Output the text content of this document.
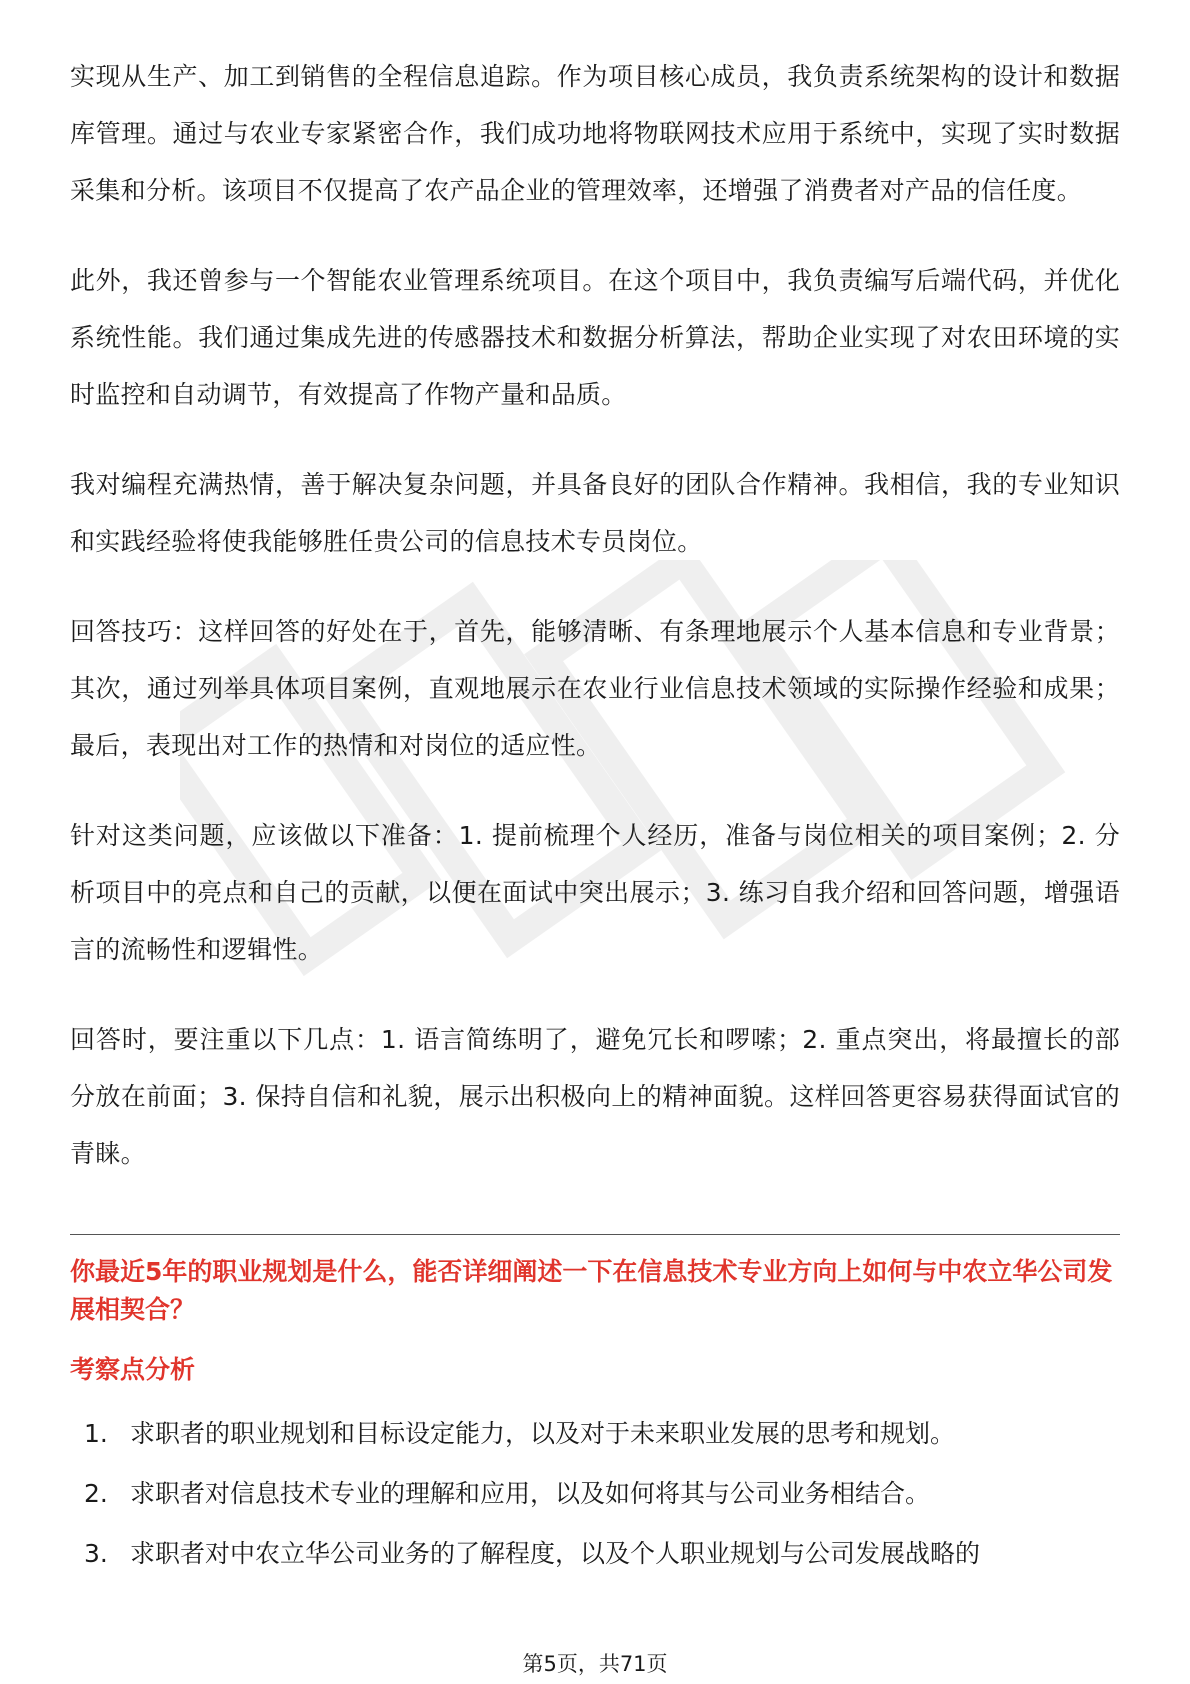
实现从生产、加工到销售的全程信息追踪。作为项目核心成员，我负责系统架构的设计和数据库管理。通过与农业专家紧密合作，我们成功地将物联网技术应用于系统中，实现了实时数据采集和分析。该项目不仅提高了农产品企业的管理效率，还增强了消费者对产品的信任度。

此外，我还曾参与一个智能农业管理系统项目。在这个项目中，我负责编写后端代码，并优化系统性能。我们通过集成先进的传感器技术和数据分析算法，帮助企业实现了对农田环境的实时监控和自动调节，有效提高了作物产量和品质。

我对编程充满热情，善于解决复杂问题，并具备良好的团队合作精神。我相信，我的专业知识和实践经验将使我能够胜任贵公司的信息技术专员岗位。

回答技巧：这样回答的好处在于，首先，能够清晰、有条理地展示个人基本信息和专业背景；其次，通过列举具体项目案例，直观地展示在农业行业信息技术领域的实际操作经验和成果；最后，表现出对工作的热情和对岗位的适应性。

针对这类问题，应该做以下准备：1. 提前梳理个人经历，准备与岗位相关的项目案例；2. 分析项目中的亮点和自己的贡献，以便在面试中突出展示；3. 练习自我介绍和回答问题，增强语言的流畅性和逻辑性。

回答时，要注重以下几点：1. 语言简练明了，避免冗长和啰嗦；2. 重点突出，将最擅长的部分放在前面；3. 保持自信和礼貌，展示出积极向上的精神面貌。这样回答更容易获得面试官的青睐。

你最近5年的职业规划是什么，能否详细阐述一下在信息技术专业方向上如何与中农立华公司发展相契合？
考察点分析
1. 求职者的职业规划和目标设定能力，以及对于未来职业发展的思考和规划。
2. 求职者对信息技术专业的理解和应用，以及如何将其与公司业务相结合。
3. 求职者对中农立华公司业务的了解程度，以及个人职业规划与公司发展战略的
第5页，共71页
